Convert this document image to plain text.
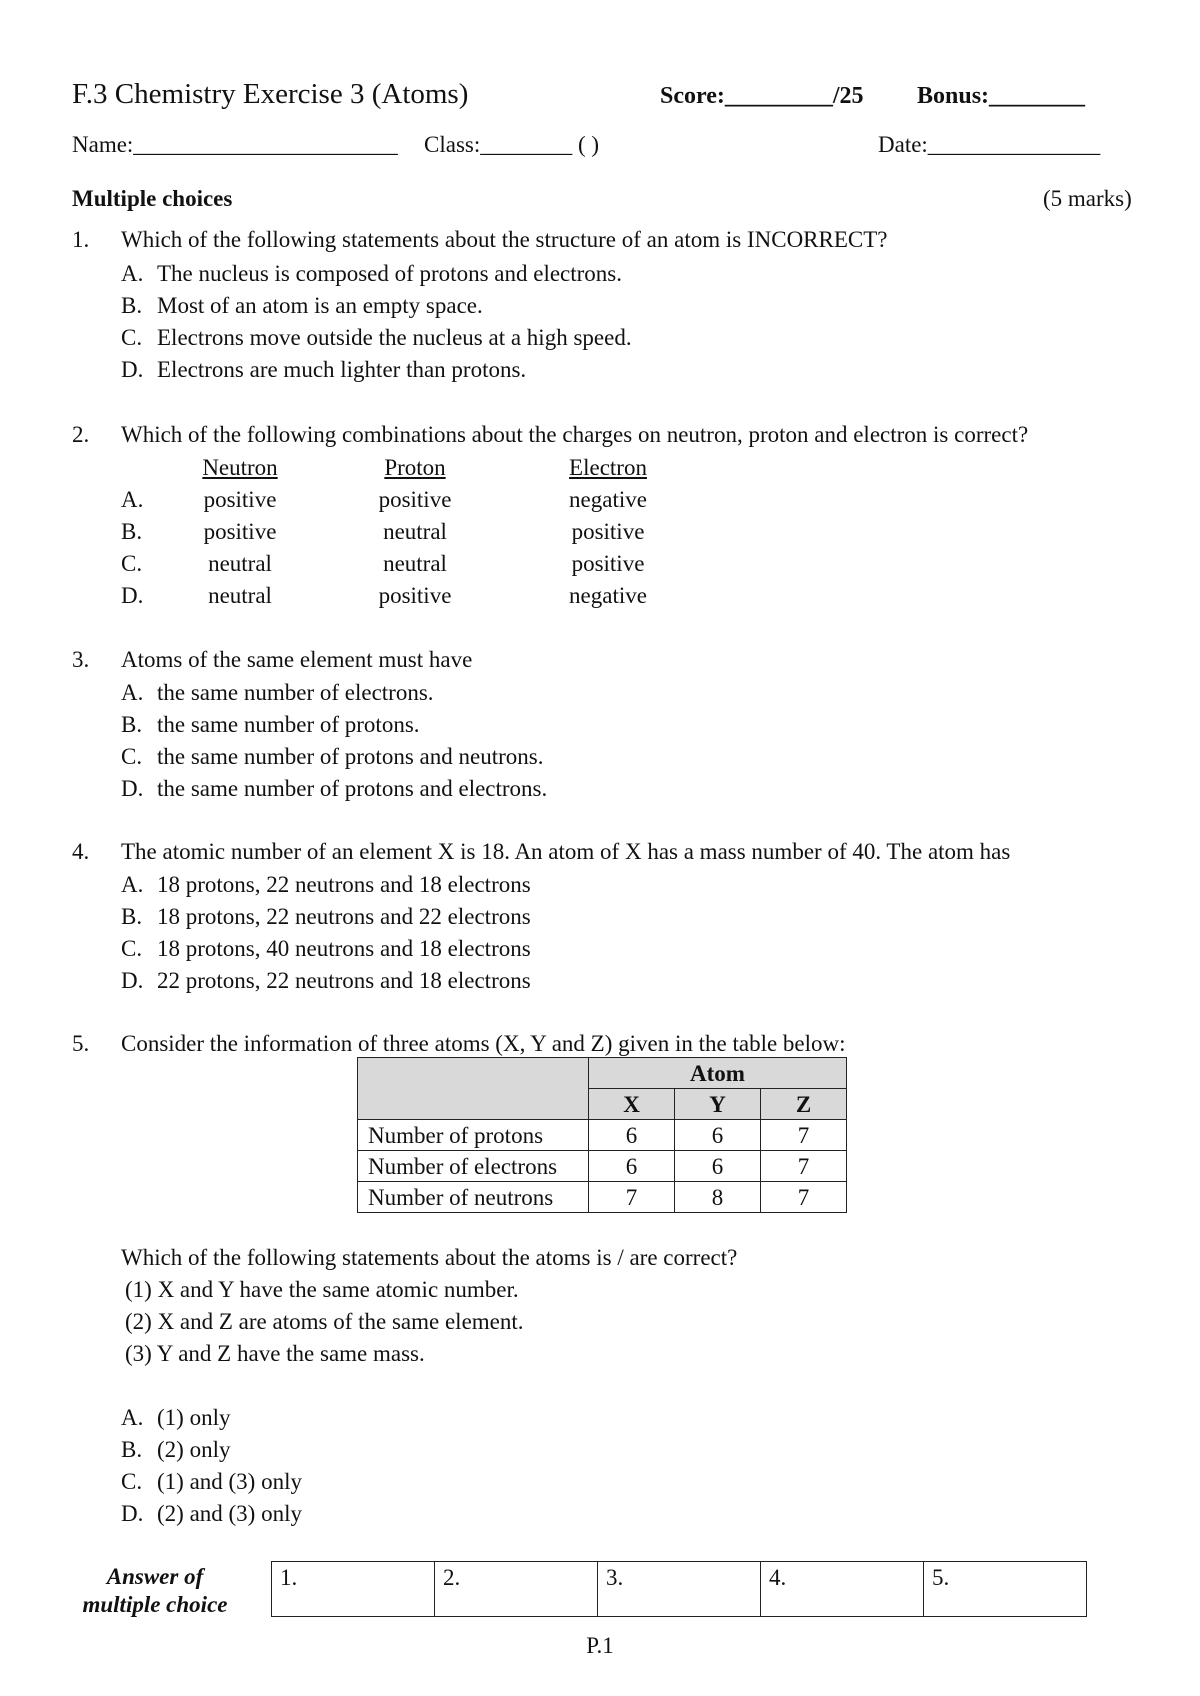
F.3 Chemistry Exercise 3 (Atoms)	Score:_________/25 Bonus:________
Name:_______________________ Class:________ ( )	Date:_______________
Multiple choices	(5 marks)
1. Which of the following statements about the structure of an atom is INCORRECT?
A. The nucleus is composed of protons and electrons.
B. Most of an atom is an empty space.
C. Electrons move outside the nucleus at a high speed.
D. Electrons are much lighter than protons.
2. Which of the following combinations about the charges on neutron, proton and electron is correct?
Neutron	Proton	Electron
A.	positive	positive	negative
B.	positive	neutral	positive
C.	neutral	neutral	positive
D.	neutral	positive	negative
3. Atoms of the same element must have
A. the same number of electrons.
B. the same number of protons.
C. the same number of protons and neutrons.
D. the same number of protons and electrons.
4. The atomic number of an element X is 18. An atom of X has a mass number of 40. The atom has
A. 18 protons, 22 neutrons and 18 electrons
B. 18 protons, 22 neutrons and 22 electrons
C. 18 protons, 40 neutrons and 18 electrons
D. 22 protons, 22 neutrons and 18 electrons
5. Consider the information of three atoms (X, Y and Z) given in the table below:
	Atom		
	X	Y	Z
Number of protons	6	6	7
Number of electrons	6	6	7
Number of neutrons	7	8	7
Which of the following statements about the atoms is / are correct?
(1) X and Y have the same atomic number.
(2) X and Z are atoms of the same element.
(3) Y and Z have the same mass.
A. (1) only
B. (2) only
C. (1) and (3) only
D. (2) and (3) only
Answer of
multiple choice
1.	2.	3.	4.	5.
P.1
